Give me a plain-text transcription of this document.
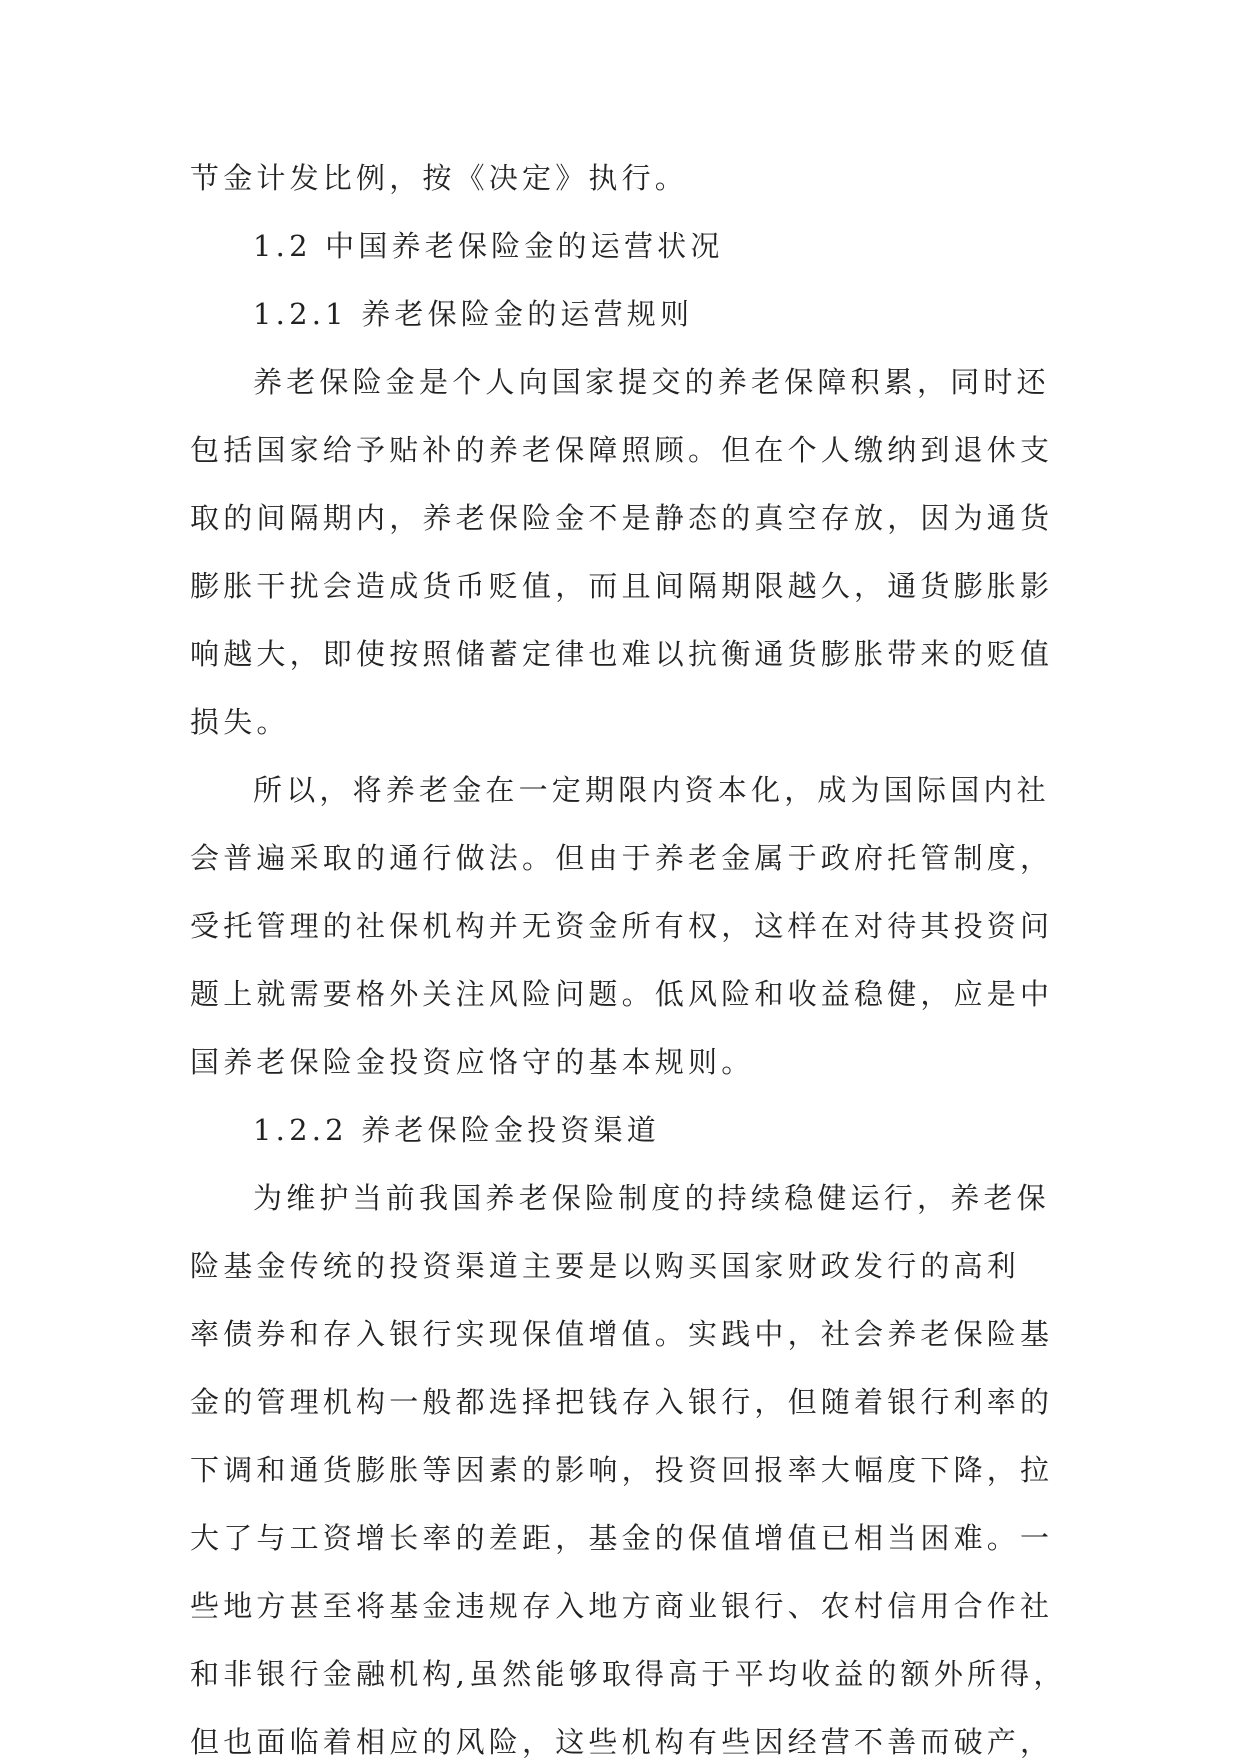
节金计发比例，按《决定》执行。
1.2 中国养老保险金的运营状况
1.2.1 养老保险金的运营规则
养老保险金是个人向国家提交的养老保障积累，同时还
包括国家给予贴补的养老保障照顾。但在个人缴纳到退休支
取的间隔期内，养老保险金不是静态的真空存放，因为通货
膨胀干扰会造成货币贬值，而且间隔期限越久，通货膨胀影
响越大，即使按照储蓄定律也难以抗衡通货膨胀带来的贬值
损失。
所以，将养老金在一定期限内资本化，成为国际国内社
会普遍采取的通行做法。但由于养老金属于政府托管制度，
受托管理的社保机构并无资金所有权，这样在对待其投资问
题上就需要格外关注风险问题。低风险和收益稳健，应是中
国养老保险金投资应恪守的基本规则。
1.2.2 养老保险金投资渠道
为维护当前我国养老保险制度的持续稳健运行，养老保
险基金传统的投资渠道主要是以购买国家财政发行的高利
率债券和存入银行实现保值增值。实践中，社会养老保险基
金的管理机构一般都选择把钱存入银行，但随着银行利率的
下调和通货膨胀等因素的影响，投资回报率大幅度下降，拉
大了与工资增长率的差距，基金的保值增值已相当困难。一
些地方甚至将基金违规存入地方商业银行、农村信用合作社
和非银行金融机构,虽然能够取得高于平均收益的额外所得，
但也面临着相应的风险，这些机构有些因经营不善而破产，
